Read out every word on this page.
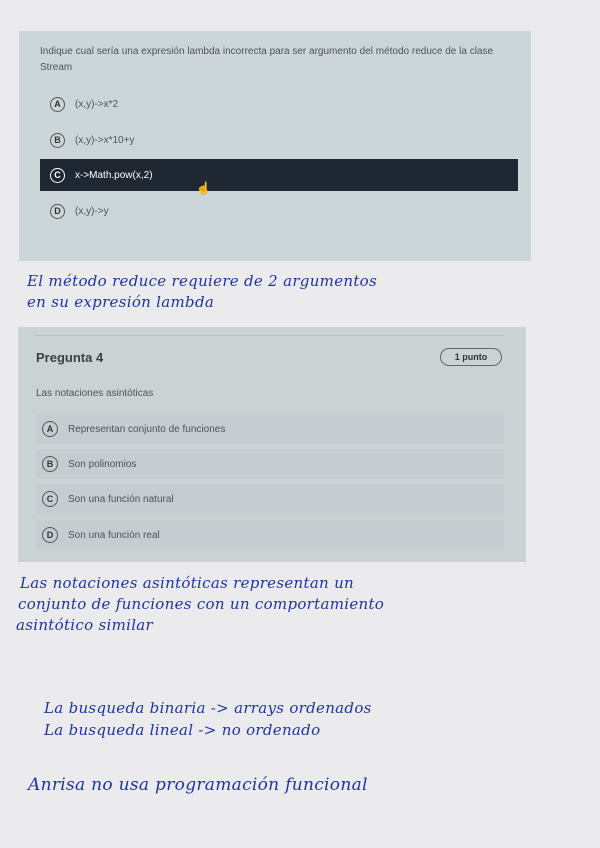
Indique cual sería una expresión lambda incorrecta para ser argumento del método reduce de la clase Stream
A	(x,y)->x*2
B	(x,y)->x*10+y
C	x->Math.pow(x,2)
☝
D	(x,y)->y
El método reduce requiere de 2 argumentos
en su expresión lambda
Pregunta 4	1 punto
Las notaciones asintóticas
A	Representan conjunto de funciones
B	Son polinomios
C	Son una función natural
D	Son una función real
Las notaciones asintóticas representan un
conjunto de funciones con un comportamiento
asintótico similar
La busqueda binaria -> arrays ordenados
La busqueda lineal -> no ordenado
Anrisa no usa programación funcional
